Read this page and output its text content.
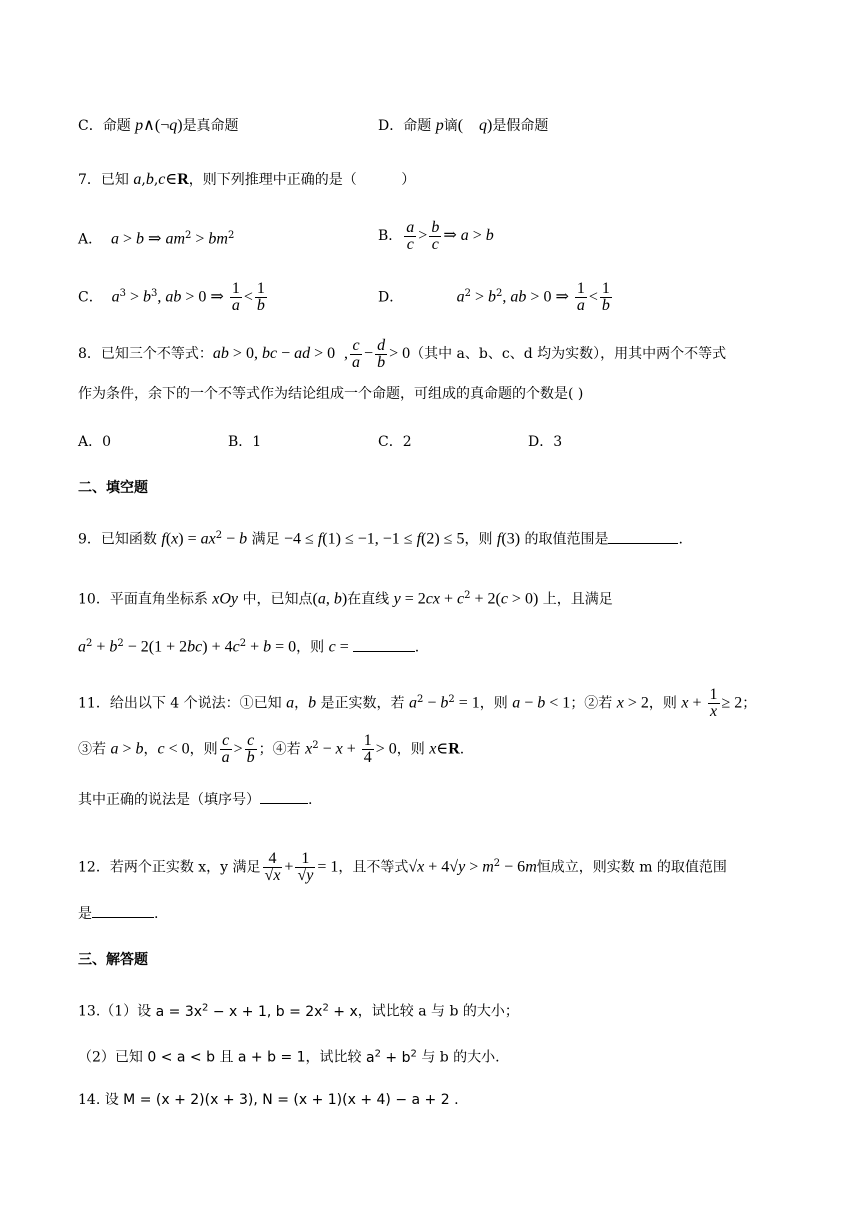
C．命题 p∧(¬q)是真命题	D．命题 p谪(    q)是假命题
7．已知 a,b,c∈R，则下列推理中正确的是（          ）
A．  a > b ⇒ $am^2 > bm^2$	B． $\frac{a}{c} > \frac{b}{c}$ ⇒ a > b
C．  $a^3 > b^3$, ab > 0 ⇒ $\frac{1}{a} < \frac{1}{b}$	D．            $a^2 > b^2$, ab > 0 ⇒ $\frac{1}{a} < \frac{1}{b}$
8．已知三个不等式：ab > 0, bc − ad > 0 , $\frac{c}{a} - \frac{d}{b} > 0$（其中 a、b、c、d 均为实数），用其中两个不等式
作为条件，余下的一个不等式作为结论组成一个命题，可组成的真命题的个数是( )
A．0	B．1	C．2	D．3
二、填空题
9．已知函数 $f(x) = ax^2 - b$ 满足 −4 ≤ f(1) ≤ −1, −1 ≤ f(2) ≤ 5，则 f(3) 的取值范围是	.
10．平面直角坐标系 xOy 中，已知点(a, b)在直线 $y = 2cx + c^2 + 2(c > 0)$ 上，且满足
$a^2 + b^2 - 2(1 + 2bc) + 4c^2 + b = 0$，则 c =	.
11．给出以下 4 个说法：①已知 a，b 是正实数，若 $a^2 - b^2 = 1$，则 a − b < 1；②若 x > 2，则 $x + \frac{1}{x} \ge 2$；
③若 a > b，c < 0，则 $\frac{c}{a} > \frac{c}{b}$ ；④若 $x^2 - x + \frac{1}{4} > 0$，则 x∈R.
其中正确的说法是（填序号）	.
12．若两个正实数 x，y 满足 $\frac{4}{√x} + \frac{1}{√y} = 1$，且不等式$√x + 4√y > m^2 - 6m$恒成立，则实数 m 的取值范围
是	.
三、解答题
13.（1）设 $a = 3x^2 - x + 1$, $b = 2x^2 + x$，试比较 a 与 b 的大小；
（2）已知 0 < a < b 且 a + b = 1，试比较 $a^2 + b^2$ 与 b 的大小.
14. 设 M = (x + 2)(x + 3), N = (x + 1)(x + 4) − a + 2 .
